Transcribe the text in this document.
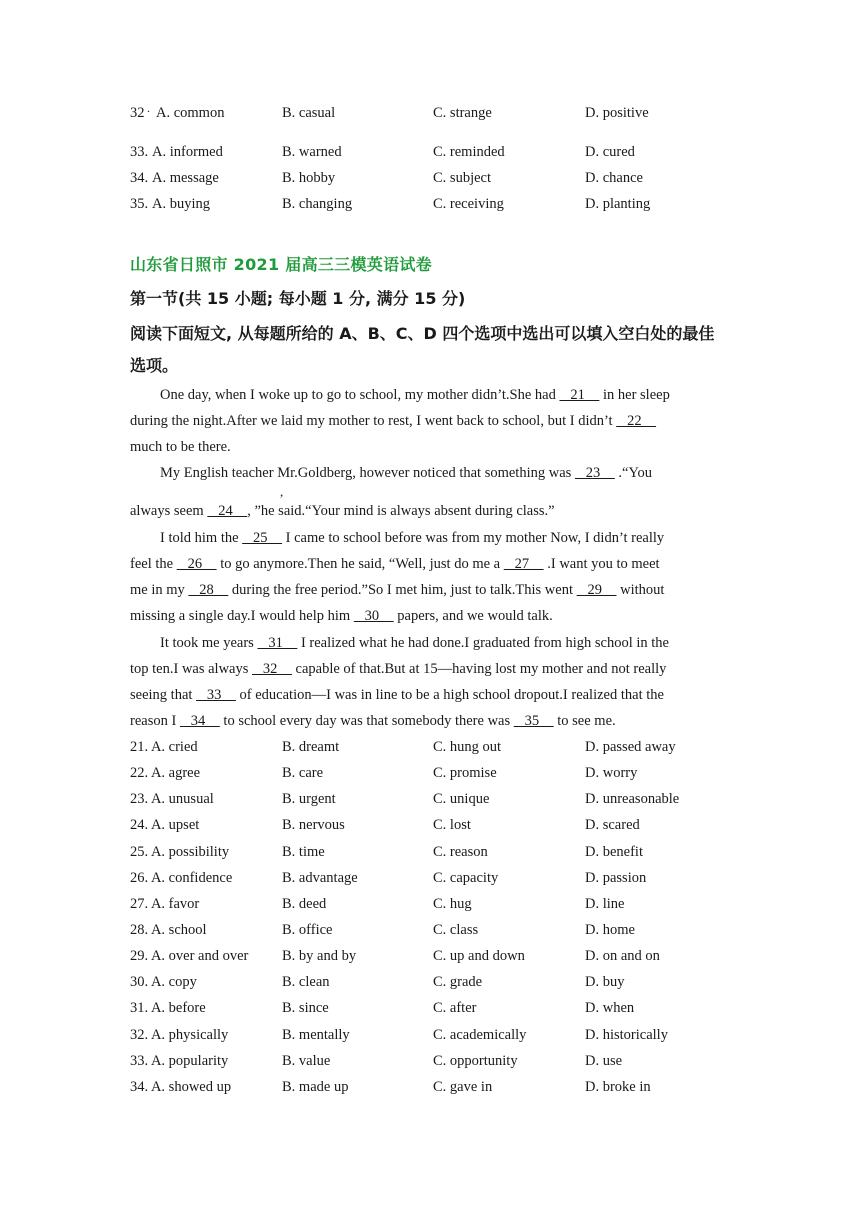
32 . A. common	B. casual	C. strange	D. positive
33. A. informed	B. warned	C. reminded	D. cured
34. A. message	B. hobby	C. subject	D. chance
35. A. buying	B. changing	C. receiving	D. planting
山东省日照市 2021 届高三三模英语试卷
第一节(共 15 小题; 每小题 1 分, 满分 15 分)
阅读下面短文, 从每题所给的 A、B、C、D 四个选项中选出可以填入空白处的最佳选项。
One day, when I woke up to go to school, my mother didn’t.She had    21     in her sleep
during the night.After we laid my mother to rest, I went back to school, but I didn’t    22
much to be there.
My English teacher Mr.Goldberg, however noticed that something was    23     .“You
,
always seem    24    , ”he said.“Your mind is always absent during class.”
I told him the    25     I came to school before was from my mother Now, I didn’t really
feel the    26     to go anymore.Then he said, “Well, just do me a    27     .I want you to meet
me in my    28     during the free period.”So I met him, just to talk.This went    29     without
missing a single day.I would help him    30     papers, and we would talk.
It took me years    31     I realized what he had done.I graduated from high school in the
top ten.I was always    32     capable of that.But at 15—having lost my mother and not really
seeing that    33     of education—I was in line to be a high school dropout.I realized that the
reason I    34     to school every day was that somebody there was    35     to see me.
21. A. cried	B. dreamt	C. hung out	D. passed away
22. A. agree	B. care	C. promise	D. worry
23. A. unusual	B. urgent	C. unique	D. unreasonable
24. A. upset	B. nervous	C. lost	D. scared
25. A. possibility	B. time	C. reason	D. benefit
26. A. confidence	B. advantage	C. capacity	D. passion
27. A. favor	B. deed	C. hug	D. line
28. A. school	B. office	C. class	D. home
29. A. over and over B. by and by	C. up and down	D. on and on
30. A. copy	B. clean	C. grade	D. buy
31. A. before	B. since	C. after	D. when
32. A. physically	B. mentally	C. academically	D. historically
33. A. popularity	B. value	C. opportunity	D. use
34. A. showed up	B. made up	C. gave in	D. broke in
